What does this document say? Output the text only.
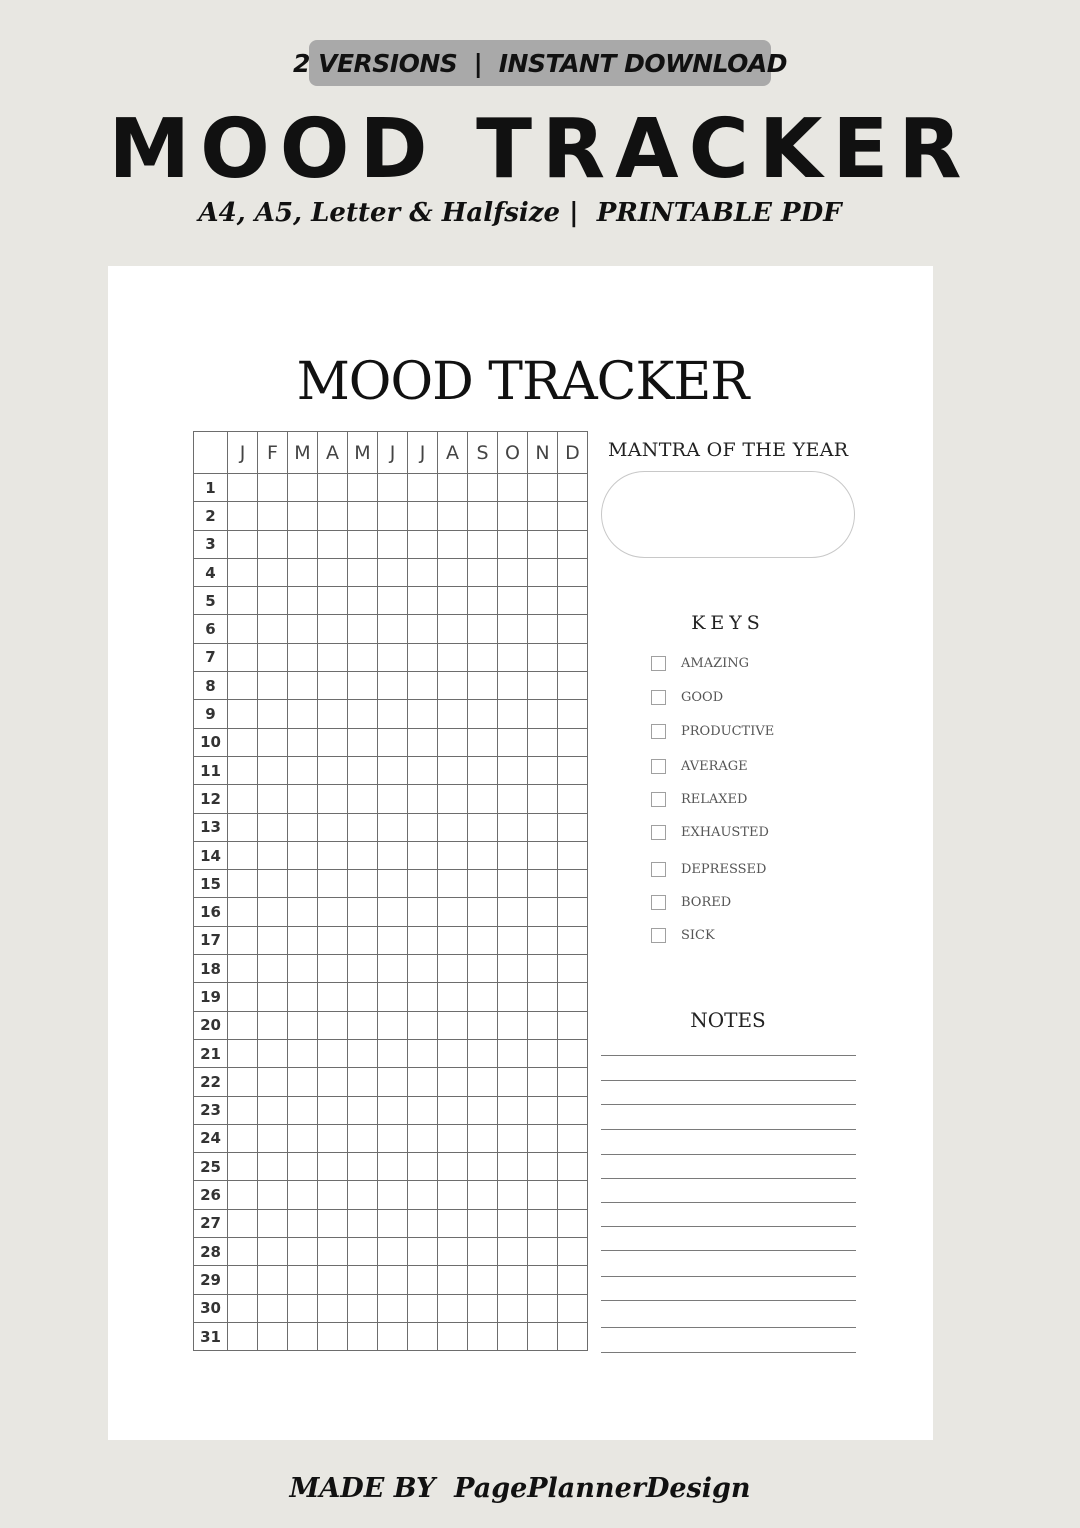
2 VERSIONS  |  INSTANT DOWNLOAD
MOOD TRACKER
A4, A5, Letter & Halfsize |  PRINTABLE PDF
MOOD TRACKER
	J	F	M	A	M	J	J	A	S	O	N	D
1												
2												
3												
4												
5												
6												
7												
8												
9												
10												
11												
12												
13												
14												
15												
16												
17												
18												
19												
20												
21												
22												
23												
24												
25												
26												
27												
28												
29												
30												
31												
MANTRA OF THE YEAR
KEYS
AMAZING
GOOD
PRODUCTIVE
AVERAGE
RELAXED
EXHAUSTED
DEPRESSED
BORED
SICK
NOTES
MADE BY  PagePlannerDesign
